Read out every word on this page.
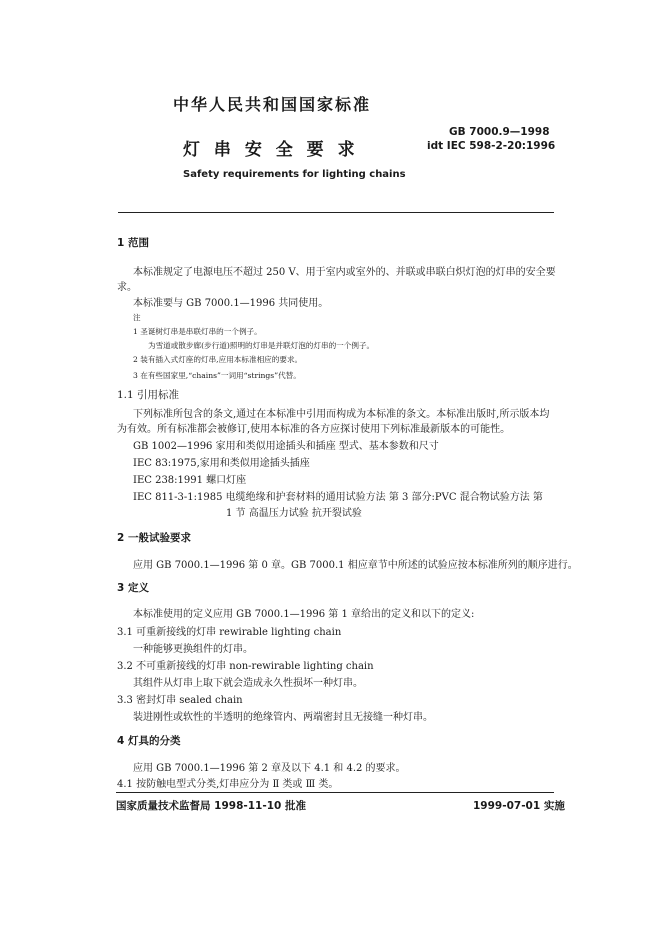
中华人民共和国国家标准
灯 串 安 全 要 求
GB 7000.9—1998
idt IEC 598-2-20:1996
Safety requirements for lighting chains
1 范围
本标准规定了电源电压不超过 250 V、用于室内或室外的、并联或串联白炽灯泡的灯串的安全要
求。
本标准要与 GB 7000.1—1996 共同使用。
注
1 圣诞树灯串是串联灯串的一个例子。
为雪道或散步廊(步行道)照明的灯串是并联灯泡的灯串的一个例子。
2 装有插入式灯座的灯串,应用本标准相应的要求。
3 在有些国家里,“chains”一词用“strings”代替。
1.1 引用标准
下列标准所包含的条文,通过在本标准中引用而构成为本标准的条文。本标准出版时,所示版本均
为有效。所有标准都会被修订,使用本标准的各方应探讨使用下列标准最新版本的可能性。
GB 1002—1996 家用和类似用途插头和插座 型式、基本参数和尺寸
IEC 83:1975,家用和类似用途插头插座
IEC 238:1991 螺口灯座
IEC 811-3-1:1985 电缆绝缘和护套材料的通用试验方法 第 3 部分:PVC 混合物试验方法 第
1 节 高温压力试验 抗开裂试验
2 一般试验要求
应用 GB 7000.1—1996 第 0 章。GB 7000.1 相应章节中所述的试验应按本标准所列的顺序进行。
3 定义
本标准使用的定义应用 GB 7000.1—1996 第 1 章给出的定义和以下的定义:
3.1 可重新接线的灯串 rewirable lighting chain
一种能够更换组件的灯串。
3.2 不可重新接线的灯串 non-rewirable lighting chain
其组件从灯串上取下就会造成永久性损坏一种灯串。
3.3 密封灯串 sealed chain
装进刚性或软性的半透明的绝缘管内、两端密封且无接缝一种灯串。
4 灯具的分类
应用 GB 7000.1—1996 第 2 章及以下 4.1 和 4.2 的要求。
4.1 按防触电型式分类,灯串应分为 Ⅱ 类或 Ⅲ 类。
国家质量技术监督局 1998-11-10 批准	1999-07-01 实施
